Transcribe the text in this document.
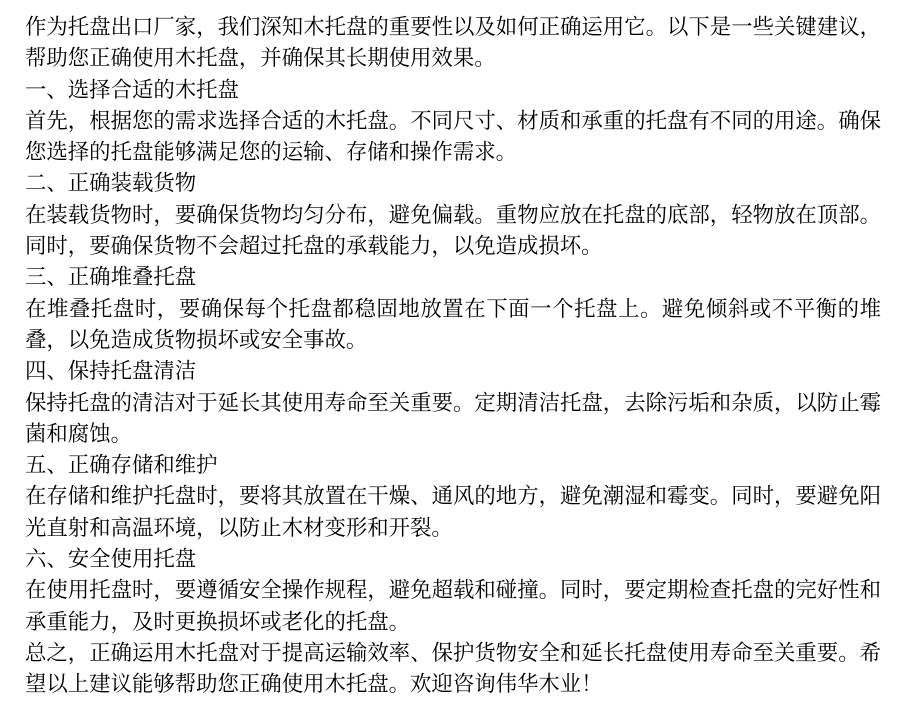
作为托盘出口厂家，我们深知木托盘的重要性以及如何正确运用它。以下是一些关键建议，帮助您正确使用木托盘，并确保其长期使用效果。

一、选择合适的木托盘

首先，根据您的需求选择合适的木托盘。不同尺寸、材质和承重的托盘有不同的用途。确保您选择的托盘能够满足您的运输、存储和操作需求。

二、正确装载货物

在装载货物时，要确保货物均匀分布，避免偏载。重物应放在托盘的底部，轻物放在顶部。同时，要确保货物不会超过托盘的承载能力，以免造成损坏。

三、正确堆叠托盘

在堆叠托盘时，要确保每个托盘都稳固地放置在下面一个托盘上。避免倾斜或不平衡的堆叠，以免造成货物损坏或安全事故。

四、保持托盘清洁

保持托盘的清洁对于延长其使用寿命至关重要。定期清洁托盘，去除污垢和杂质，以防止霉菌和腐蚀。

五、正确存储和维护

在存储和维护托盘时，要将其放置在干燥、通风的地方，避免潮湿和霉变。同时，要避免阳光直射和高温环境，以防止木材变形和开裂。

六、安全使用托盘

在使用托盘时，要遵循安全操作规程，避免超载和碰撞。同时，要定期检查托盘的完好性和承重能力，及时更换损坏或老化的托盘。

总之，正确运用木托盘对于提高运输效率、保护货物安全和延长托盘使用寿命至关重要。希望以上建议能够帮助您正确使用木托盘。欢迎咨询伟华木业！
